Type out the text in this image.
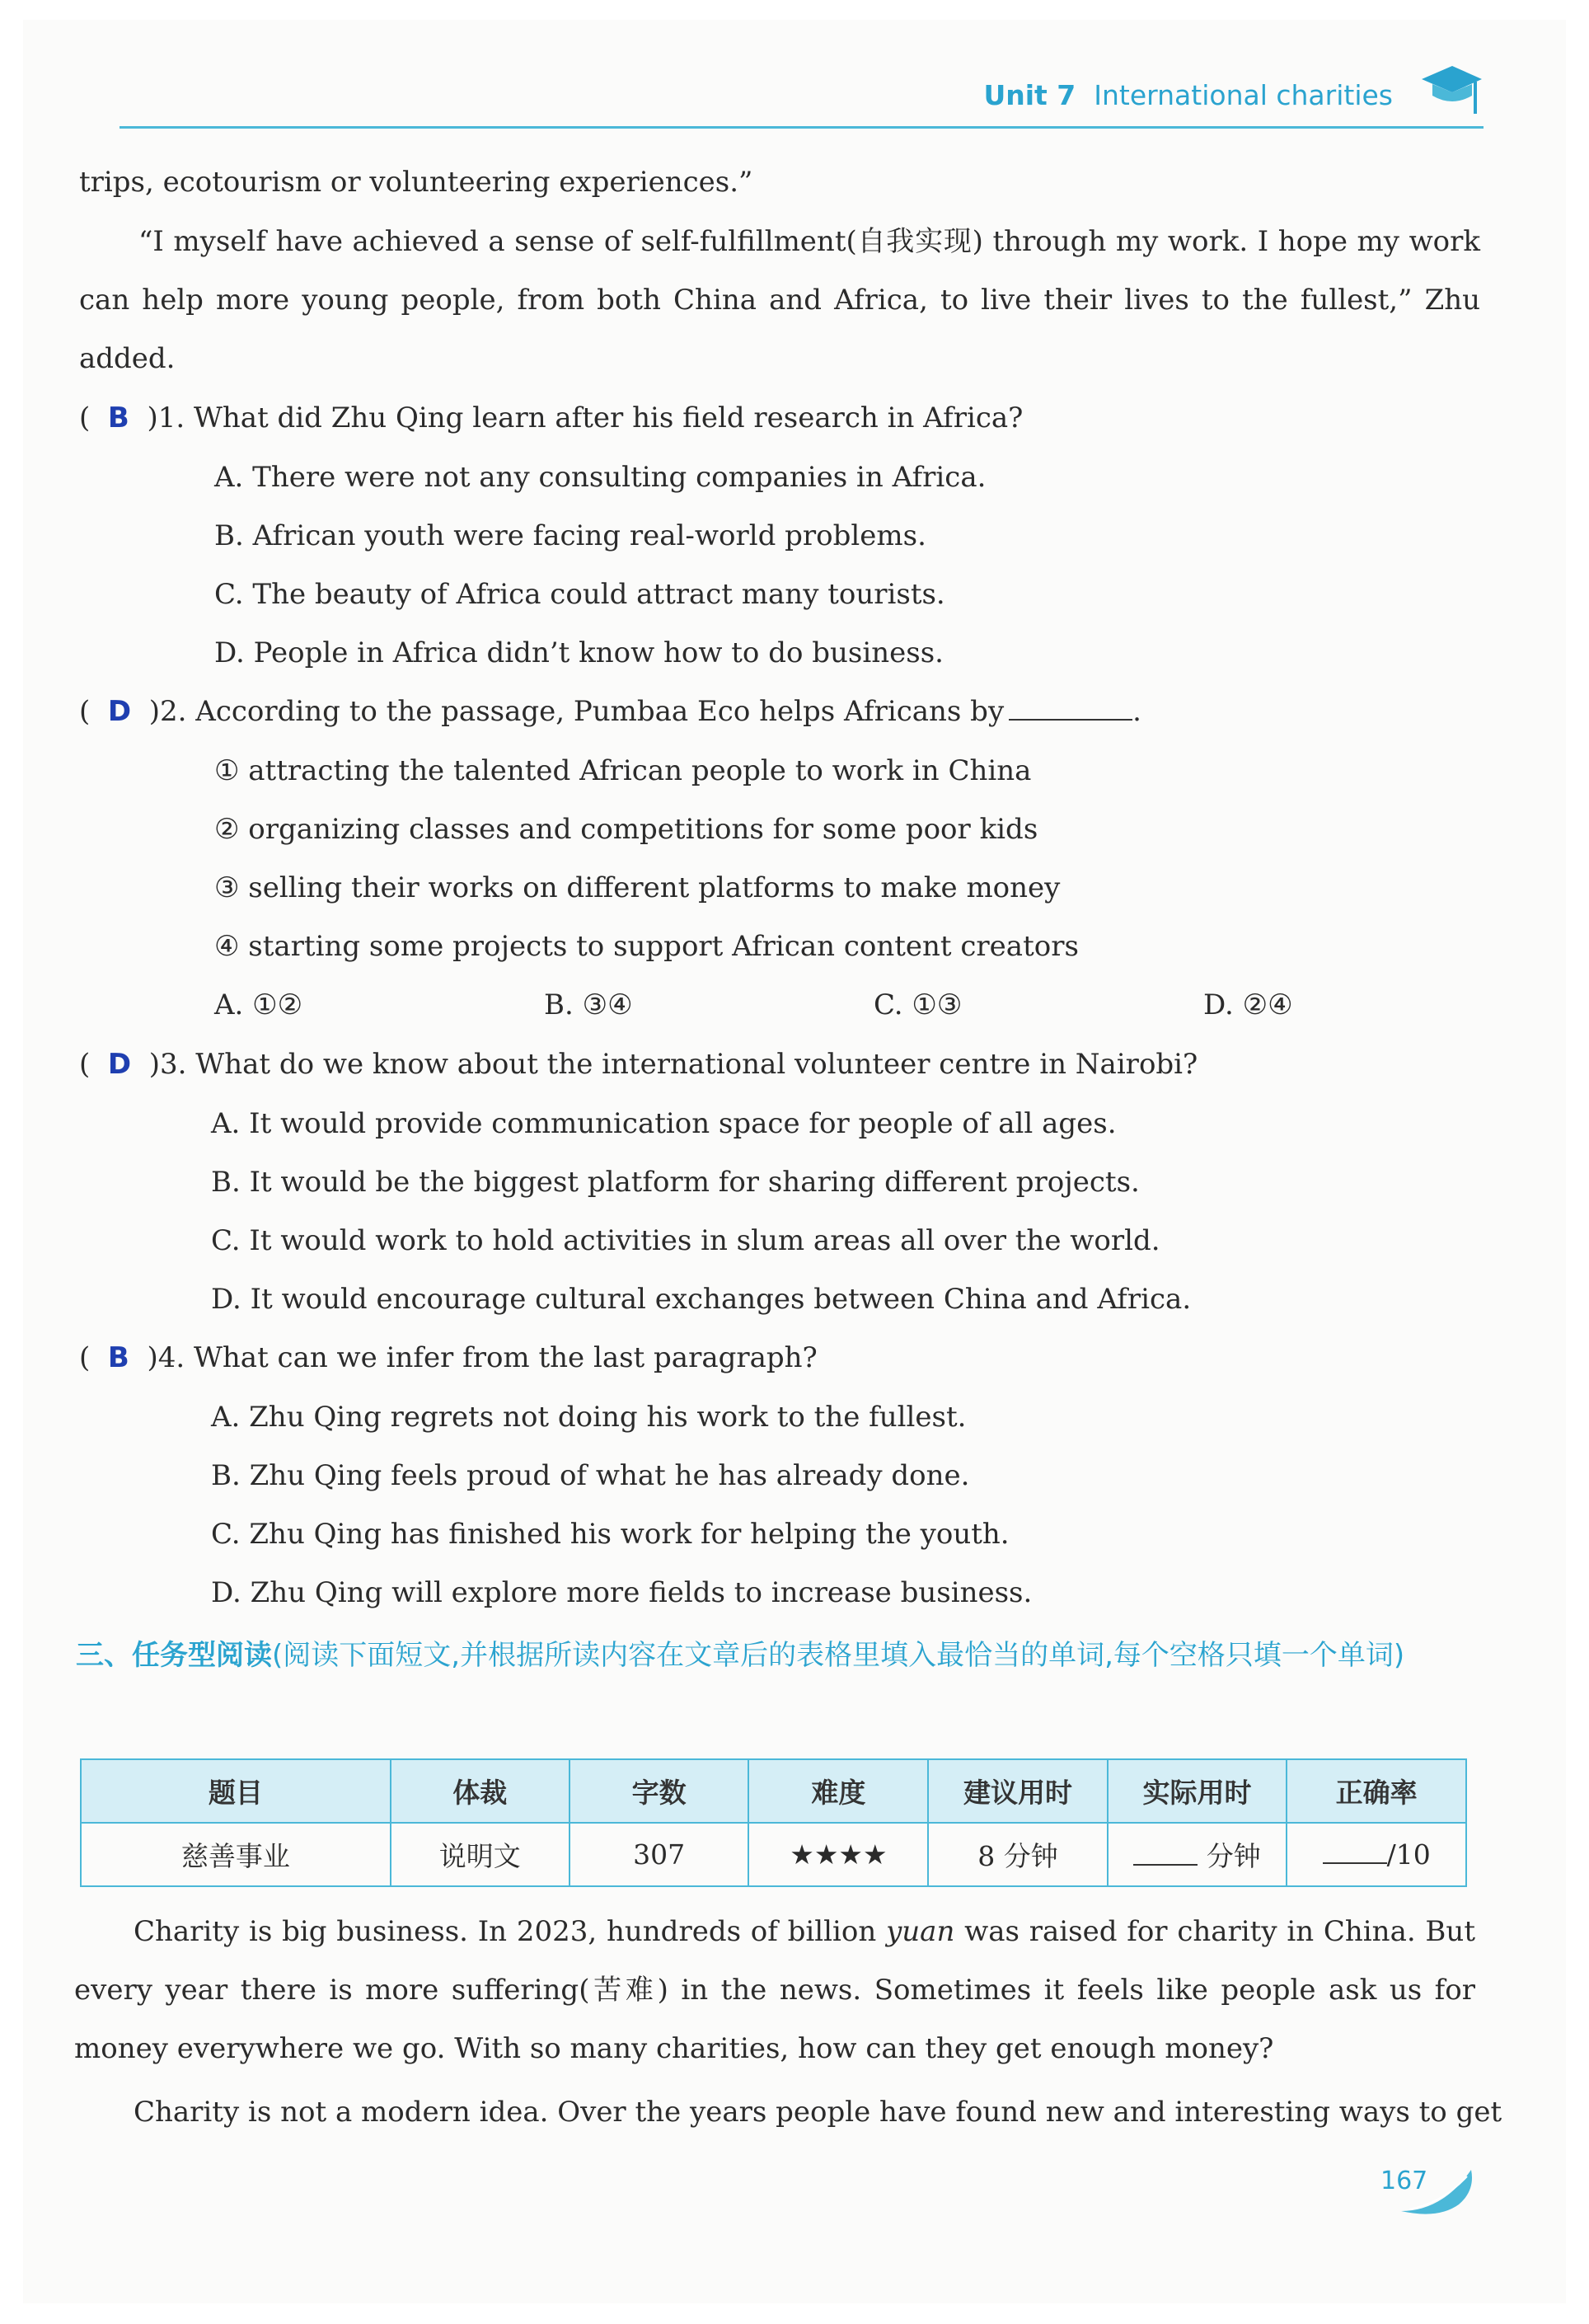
Unit 7 International charities
trips, ecotourism or volunteering experiences.”
“I myself have achieved a sense of self-fulfillment(自我实现) through my work. I hope my work can help more young people, from both China and Africa, to live their lives to the fullest,” Zhu added.
(  B )1. What did Zhu Qing learn after his field research in Africa?
A. There were not any consulting companies in Africa.
B. African youth were facing real-world problems.
C. The beauty of Africa could attract many tourists.
D. People in Africa didn’t know how to do business.
(  D )2. According to the passage, Pumbaa Eco helps Africans by	.
① attracting the talented African people to work in China
② organizing classes and competitions for some poor kids
③ selling their works on different platforms to make money
④ starting some projects to support African content creators
A. ①②	B. ③④	C. ①③	D. ②④
(  D )3. What do we know about the international volunteer centre in Nairobi?
A. It would provide communication space for people of all ages.
B. It would be the biggest platform for sharing different projects.
C. It would work to hold activities in slum areas all over the world.
D. It would encourage cultural exchanges between China and Africa.
(  B )4. What can we infer from the last paragraph?
A. Zhu Qing regrets not doing his work to the fullest.
B. Zhu Qing feels proud of what he has already done.
C. Zhu Qing has finished his work for helping the youth.
D. Zhu Qing will explore more fields to increase business.
三、任务型阅读(阅读下面短文,并根据所读内容在文章后的表格里填入最恰当的单词,每个空格只填一个单词)
题目	体裁	字数	难度	建议用时	实际用时	正确率
慈善事业	说明文	307	★★★★	8 分钟	分钟	/10
Charity is big business. In 2023, hundreds of billion yuan was raised for charity in China. But every year there is more suffering(苦难) in the news. Sometimes it feels like people ask us for money everywhere we go. With so many charities, how can they get enough money?
Charity is not a modern idea. Over the years people have found new and interesting ways to get
167
